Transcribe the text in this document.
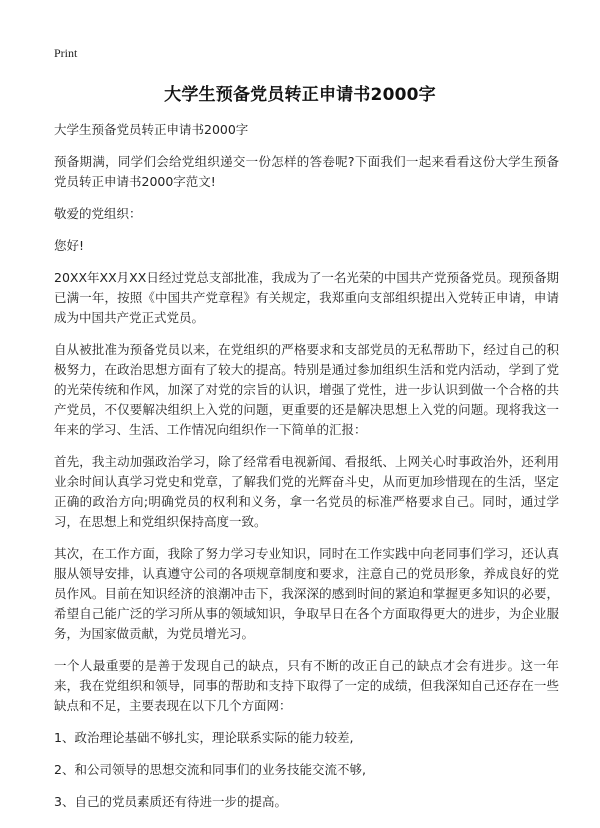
Print
大学生预备党员转正申请书2000字

大学生预备党员转正申请书2000字

预备期满，同学们会给党组织递交一份怎样的答卷呢?下面我们一起来看看这份大学生预备党员转正申请书2000字范文!

敬爱的党组织：

您好!

20XX年XX月XX日经过党总支部批准，我成为了一名光荣的中国共产党预备党员。现预备期已满一年，按照《中国共产党章程》有关规定，我郑重向支部组织提出入党转正申请，申请成为中国共产党正式党员。

自从被批准为预备党员以来，在党组织的严格要求和支部党员的无私帮助下，经过自己的积极努力，在政治思想方面有了较大的提高。特别是通过参加组织生活和党内活动，学到了党的光荣传统和作风，加深了对党的宗旨的认识，增强了党性，进一步认识到做一个合格的共产党员，不仅要解决组织上入党的问题，更重要的还是解决思想上入党的问题。现将我这一年来的学习、生活、工作情况向组织作一下简单的汇报：

首先，我主动加强政治学习，除了经常看电视新闻、看报纸、上网关心时事政治外，还利用业余时间认真学习党史和党章，了解我们党的光辉奋斗史，从而更加珍惜现在的生活，坚定正确的政治方向;明确党员的权利和义务，拿一名党员的标准严格要求自己。同时，通过学习，在思想上和党组织保持高度一致。

其次，在工作方面，我除了努力学习专业知识，同时在工作实践中向老同事们学习，还认真服从领导安排，认真遵守公司的各项规章制度和要求，注意自己的党员形象，养成良好的党员作风。目前在知识经济的浪潮冲击下，我深深的感到时间的紧迫和掌握更多知识的必要，希望自己能广泛的学习所从事的领域知识，争取早日在各个方面取得更大的进步，为企业服务，为国家做贡献，为党员增光习。

一个人最重要的是善于发现自己的缺点，只有不断的改正自己的缺点才会有进步。这一年来，我在党组织和领导，同事的帮助和支持下取得了一定的成绩，但我深知自己还存在一些缺点和不足，主要表现在以下几个方面网：

1、政治理论基础不够扎实，理论联系实际的能力较差,

2、和公司领导的思想交流和同事们的业务技能交流不够,

3、自己的党员素质还有待进一步的提高。
